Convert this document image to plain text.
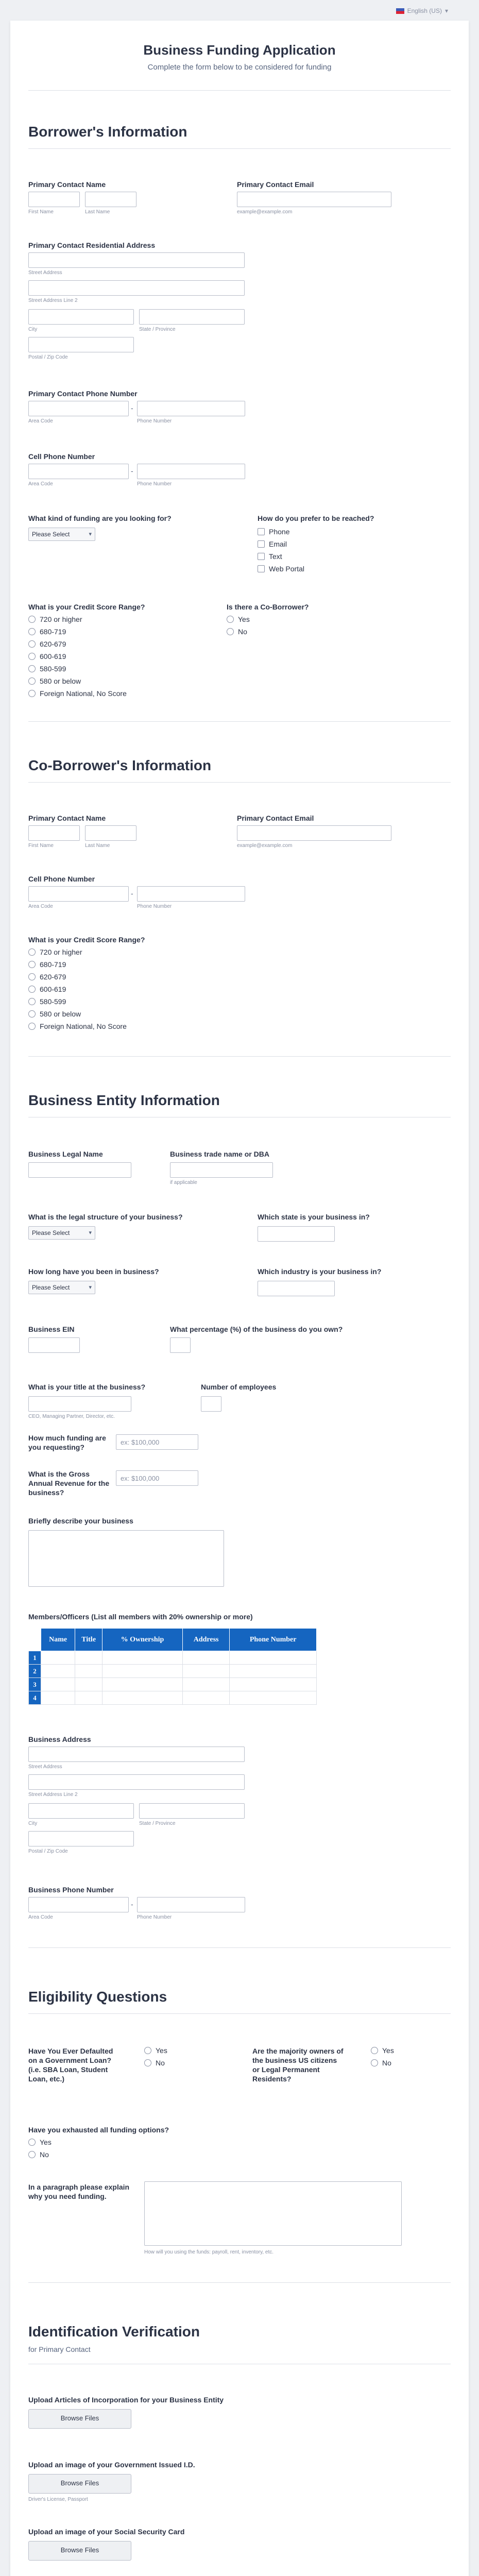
English (US) ▾
Business Funding Application
Complete the form below to be considered for funding
Borrower's Information
Primary Contact Name
First Name	Last Name
Primary Contact Email
example@example.com
Primary Contact Residential Address
Street Address
Street Address Line 2
City	State / Province
Postal / Zip Code
Primary Contact Phone Number
-
Area Code	Phone Number
Cell Phone Number
-
Area Code	Phone Number
What kind of funding are you looking for?
Please Select ▾
How do you prefer to be reached?
Phone
Email
Text
Web Portal
What is your Credit Score Range?
720 or higher
680-719
620-679
600-619
580-599
580 or below
Foreign National, No Score
Is there a Co-Borrower?
Yes
No
Co-Borrower's Information
Primary Contact Name
First Name	Last Name
Primary Contact Email
example@example.com
Cell Phone Number
-
Area Code	Phone Number
What is your Credit Score Range?
720 or higher
680-719
620-679
600-619
580-599
580 or below
Foreign National, No Score
Business Entity Information
Business Legal Name	Business trade name or DBA
if applicable
What is the legal structure of your business?
Please Select ▾
Which state is your business in?
How long have you been in business?
Please Select ▾
Which industry is your business in?
Business EIN	What percentage (%) of the business do you own?
What is your title at the business?
CEO, Managing Partner, Director, etc.
Number of employees
How much funding are you requesting?
ex: $100,000
What is the Gross Annual Revenue for the business?
ex: $100,000
Briefly describe your business
Members/Officers (List all members with 20% ownership or more)
	Name	Title	% Ownership	Address	Phone Number
1					
2					
3					
4					
Business Address
Street Address
Street Address Line 2
City	State / Province
Postal / Zip Code
Business Phone Number
-
Area Code	Phone Number
Eligibility Questions
Have You Ever Defaulted on a Government Loan? (i.e. SBA Loan, Student Loan, etc.)
Yes
No
Are the majority owners of the business US citizens or Legal Permanent Residents?
Yes
No
Have you exhausted all funding options?
Yes
No
In a paragraph please explain why you need funding.
How will you using the funds: payroll, rent, inventory, etc.
Identification Verification
for Primary Contact
Upload Articles of Incorporation for your Business Entity
Browse Files
Upload an image of your Government Issued I.D.
Browse Files
Driver's License, Passport
Upload an image of your Social Security Card
Browse Files
